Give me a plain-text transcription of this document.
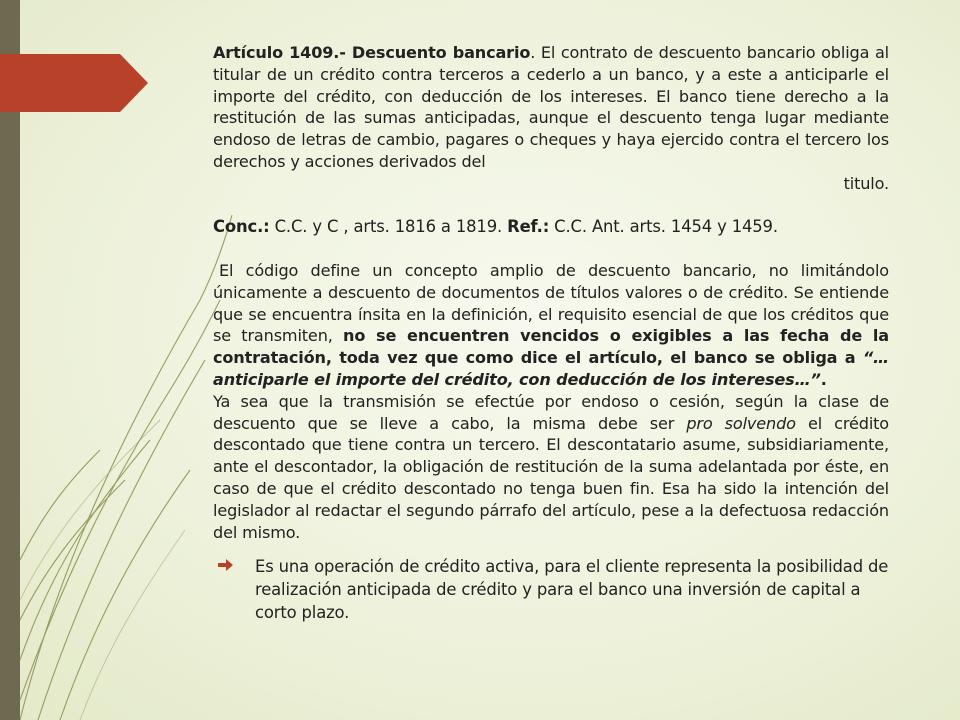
Artículo 1409.- Descuento bancario. El contrato de descuento bancario obliga al titular de un crédito contra terceros a cederlo a un banco, y a este a anticiparle el importe del crédito, con deducción de los intereses. El banco tiene derecho a la restitución de las sumas anticipadas, aunque el descuento tenga lugar mediante endoso de letras de cambio, pagares o cheques y haya ejercido contra el tercero los derechos y acciones derivados del

titulo.

Conc.: C.C. y C , arts. 1816 a 1819. Ref.: C.C. Ant. arts. 1454 y 1459.

El código define un concepto amplio de descuento bancario, no limitándolo únicamente a descuento de documentos de títulos valores o de crédito. Se entiende que se encuentra ínsita en la definición, el requisito esencial de que los créditos que se transmiten, no se encuentren vencidos o exigibles a las fecha de la contratación, toda vez que como dice el artículo, el banco se obliga a “…anticiparle el importe del crédito, con deducción de los intereses…”.

Ya sea que la transmisión se efectúe por endoso o cesión, según la clase de descuento que se lleve a cabo, la misma debe ser pro solvendo el crédito descontado que tiene contra un tercero. El descontatario asume, subsidiariamente, ante el descontador, la obligación de restitución de la suma adelantada por éste, en caso de que el crédito descontado no tenga buen fin. Esa ha sido la intención del legislador al redactar el segundo párrafo del artículo, pese a la defectuosa redacción del mismo.

Es una operación de crédito activa, para el cliente representa la posibilidad de realización anticipada de crédito y para el banco una inversión de capital a corto plazo.
